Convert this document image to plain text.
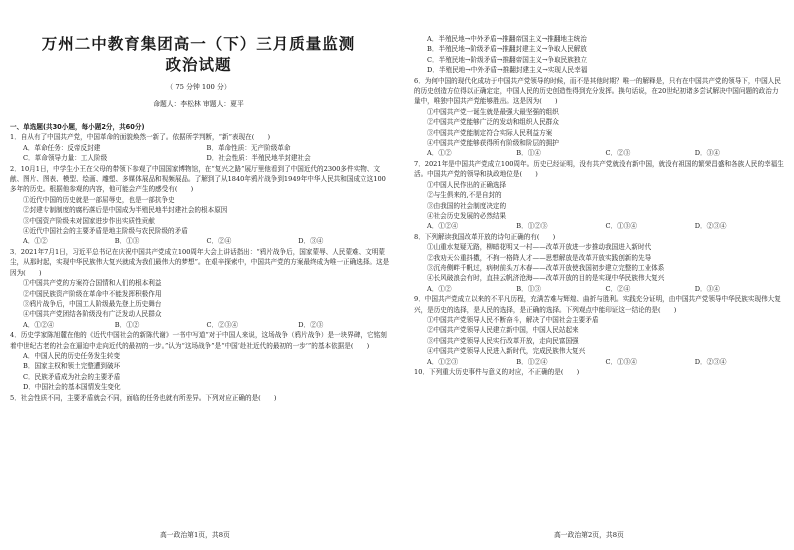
万州二中教育集团高一（下）三月质量监测
政治试题
（ 75 分钟 100 分）
命题人：李松林 审题人：夏平

一、单选题(共30小题，每小题2分，共60分)

1．自从有了中国共产党，中国革命的面貌焕然一新了。依据所学判断，“新”表现在(　　)

A．革命任务：反帝反封建	B．革命性质：无产阶级革命
C．革命领导力量：工人阶级	D．社会性质：半殖民地半封建社会

2．10月1日，中学生小王在父母的带领下参观了中国国家博物馆，在“复兴之路”展厅里他看到了中国近代的2300多件实物、文献、图片、图表、模型、绘画、雕塑、多媒体展品和视频展品。了解到了从1840年鸦片战争到1949年中华人民共和国成立这100多年的历史。根据他参观的内容，他可能会产生的感受有(　　)

①近代中国的历史就是一部屈辱史，也是一部抗争史

②封建专制制度的腐朽落后是中国成为半殖民地半封建社会的根本原因

③中国资产阶级未对国家进步作出实质性贡献

④近代中国社会的主要矛盾是地主阶级与农民阶级的矛盾

A．①②	B．①③	C．②④	D．③④

3．2021年7月1日，习近平总书记在庆祝中国共产党成立100周年大会上讲话指出：“鸦片战争后，国家蒙辱、人民蒙难、文明蒙尘，从那时起，实现中华民族伟大复兴就成为我们最伟大的梦想”。在艰辛探索中，中国共产党的方案最终成为唯一正确选择。这是因为(　　)

①中国共产党的方案符合国情和人们的根本利益

②中国民族资产阶级在革命中不能发挥积极作用

③鸦片战争后，中国工人阶级最先登上历史舞台

④中国共产党团结各阶级没有广泛发动人民群众

A．①②④	B．①②	C．②③④	D．②③

4．历史学家陈旭麓在他的《近代中国社会的新陈代谢》一书中写道“对于中国人来说，这场战争（鸦片战争）是一块界碑，它铭刻着中世纪古老的社会在逼迫中走向近代的最初的一步。”认为“这场战争”是“中国‘赴社近代的最初的一步’”的基本依据是(　　)

A．中国人民的历史任务发生转变

B．国家主权和领土完整遭到破坏

C．民族矛盾成为社会的主要矛盾

D．中国社会的基本国情发生变化

5．社会性质不同，主要矛盾就会不同，面临的任务也就有所差异。下列对应正确的是(　　)

高一政治第1页，共8页

A．半殖民地→中外矛盾→推翻帝国主义→推翻地主统治

B．半殖民地→阶级矛盾→推翻封建主义→争取人民解放

C．半殖民地→阶级矛盾→推翻帝国主义→争取民族独立

D．半殖民地→中外矛盾→推翻封建主义→实现人民幸福

6．为何中国的现代化成功于中国共产党领导的时候，而不是其他时期？唯一的解释是，只有在中国共产党的领导下，中国人民的历史创造方位得以正确定定，中国人民的历史创造性得到充分发挥。换句话说，在20世纪初诸多尝试解决中国问题的政治力量中，唯独中国共产党能够胜出。这是因为(　　)

①中国共产党一诞生就是最强大最坚强的组织

②中国共产党能够广泛的发动和组织人民群众

③中国共产党能制定符合实际人民利益方案

④中国共产党能够获得所有阶级和阶层的拥护

A．①②	B．①④	C．②③	D．③④

7．2021年是中国共产党成立100周年。历史已经证明，没有共产党就没有新中国，就没有祖国的繁荣昌盛和各族人民的幸福生活。中国共产党的领导和执政地位是(　　)

①中国人民作出的正确选择

②与生俱来的,不是自封的

③由我国的社会制度决定的

④社会历史发展的必然结果

A．①②④	B．①②③	C．①③④	D．②③④

8．下列解读我国改革开放的诗句正确的有(　　)

①山重水复疑无路，柳暗花明又一村——改革开放进一步推动我国进入新时代

②我劝天公重抖擞，不拘一格降人才——思想解放是改革开放实践创新的先导

③沉舟侧畔千帆过，病树前头万木春——改革开放使我国初步建立完整的工业体系

④长风破浪会有时，直挂云帆济沧海——改革开放的目的是实现中华民族伟大复兴

A．①②	B．①③	C．②④	D．③④

9．中国共产党成立以来的不平凡历程，充满苦难与辉煌、曲折与胜利。实践充分证明，由中国共产党领导中华民族实现伟大复兴，是历史的选择，是人民的选择，是正确的选择。下列观点中能印证这一结论的是(　　)

①中国共产党领导人民不断奋斗，解决了中国社会主要矛盾

②中国共产党领导人民建立新中国，中国人民站起来

③中国共产党领导人民实行改革开放，走向民富国强

④中国共产党领导人民进入新时代，完成民族伟大复兴

A．①②③	B．①②④	C．①③④	D．②③④

10．下列重大历史事件与意义的对应，不正确的是(　　)

高一政治第2页，共8页
